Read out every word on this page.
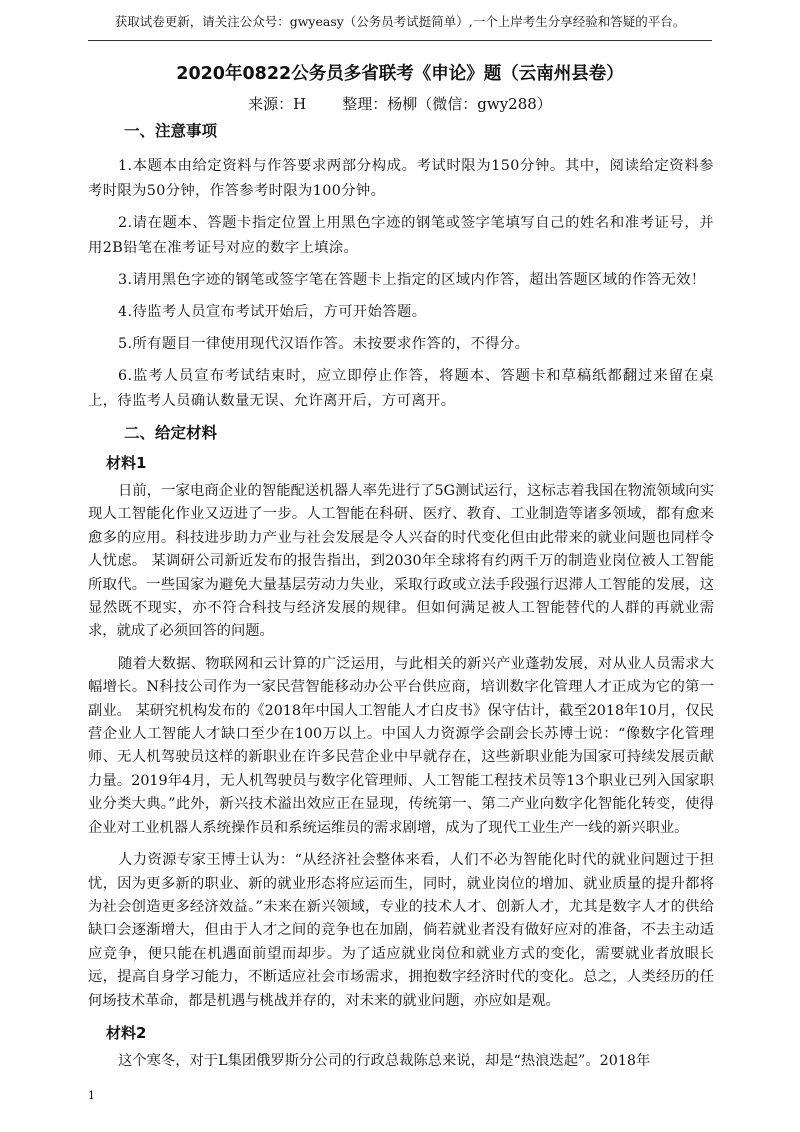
获取试卷更新，请关注公众号：gwyeasy（公务员考试挺简单）,一个上岸考生分享经验和答疑的平台。
2020年0822公务员多省联考《申论》题（云南州县卷）
来源：H 整理：杨柳（微信：gwy288）
一、注意事项

1.本题本由给定资料与作答要求两部分构成。考试时限为150分钟。其中，阅读给定资料参考时限为50分钟，作答参考时限为100分钟。

2.请在题本、答题卡指定位置上用黑色字迹的钢笔或签字笔填写自己的姓名和准考证号，并用2B铅笔在准考证号对应的数字上填涂。

3.请用黑色字迹的钢笔或签字笔在答题卡上指定的区域内作答，超出答题区域的作答无效！

4.待监考人员宣布考试开始后，方可开始答题。

5.所有题目一律使用现代汉语作答。未按要求作答的，不得分。

6.监考人员宣布考试结束时，应立即停止作答，将题本、答题卡和草稿纸都翻过来留在桌上，待监考人员确认数量无误、允许离开后，方可离开。

二、给定材料
材料1

日前，一家电商企业的智能配送机器人率先进行了5G测试运行，这标志着我国在物流领域向实现人工智能化作业又迈进了一步。人工智能在科研、医疗、教育、工业制造等诸多领域，都有愈来愈多的应用。科技进步助力产业与社会发展是令人兴奋的时代变化但由此带来的就业问题也同样令人忧虑。 某调研公司新近发布的报告指出，到2030年全球将有约两千万的制造业岗位被人工智能所取代。一些国家为避免大量基层劳动力失业，采取行政或立法手段强行迟滞人工智能的发展，这显然既不现实，亦不符合科技与经济发展的规律。但如何满足被人工智能替代的人群的再就业需求，就成了必须回答的问题。

随着大数据、物联网和云计算的广泛运用，与此相关的新兴产业蓬勃发展，对从业人员需求大幅增长。N科技公司作为一家民营智能移动办公平台供应商，培训数字化管理人才正成为它的第一副业。 某研究机构发布的《2018年中国人工智能人才白皮书》保守估计，截至2018年10月，仅民营企业人工智能人才缺口至少在100万以上。中国人力资源学会副会长苏博士说：“像数字化管理师、无人机驾驶员这样的新职业在许多民营企业中早就存在，这些新职业能为国家可持续发展贡献力量。2019年4月，无人机驾驶员与数字化管理师、人工智能工程技术员等13个职业已列入国家职业分类大典。”此外，新兴技术溢出效应正在显现，传统第一、第二产业向数字化智能化转变，使得企业对工业机器人系统操作员和系统运维员的需求剧增，成为了现代工业生产一线的新兴职业。

人力资源专家王博士认为：“从经济社会整体来看，人们不必为智能化时代的就业问题过于担忧，因为更多新的职业、新的就业形态将应运而生，同时，就业岗位的增加、就业质量的提升都将为社会创造更多经济效益。”未来在新兴领域，专业的技术人才、创新人才，尤其是数字人才的供给缺口会逐渐增大，但由于人才之间的竞争也在加剧，倘若就业者没有做好应对的准备，不去主动适应竞争，便只能在机遇面前望而却步。为了适应就业岗位和就业方式的变化，需要就业者放眼长远，提高自身学习能力，不断适应社会市场需求，拥抱数字经济时代的变化。总之，人类经历的任何场技术革命，都是机遇与桃战并存的，对未来的就业问题，亦应如是观。

材料2

这个寒冬，对于L集团俄罗斯分公司的行政总裁陈总来说，却是“热浪迭起”。2018年

1
